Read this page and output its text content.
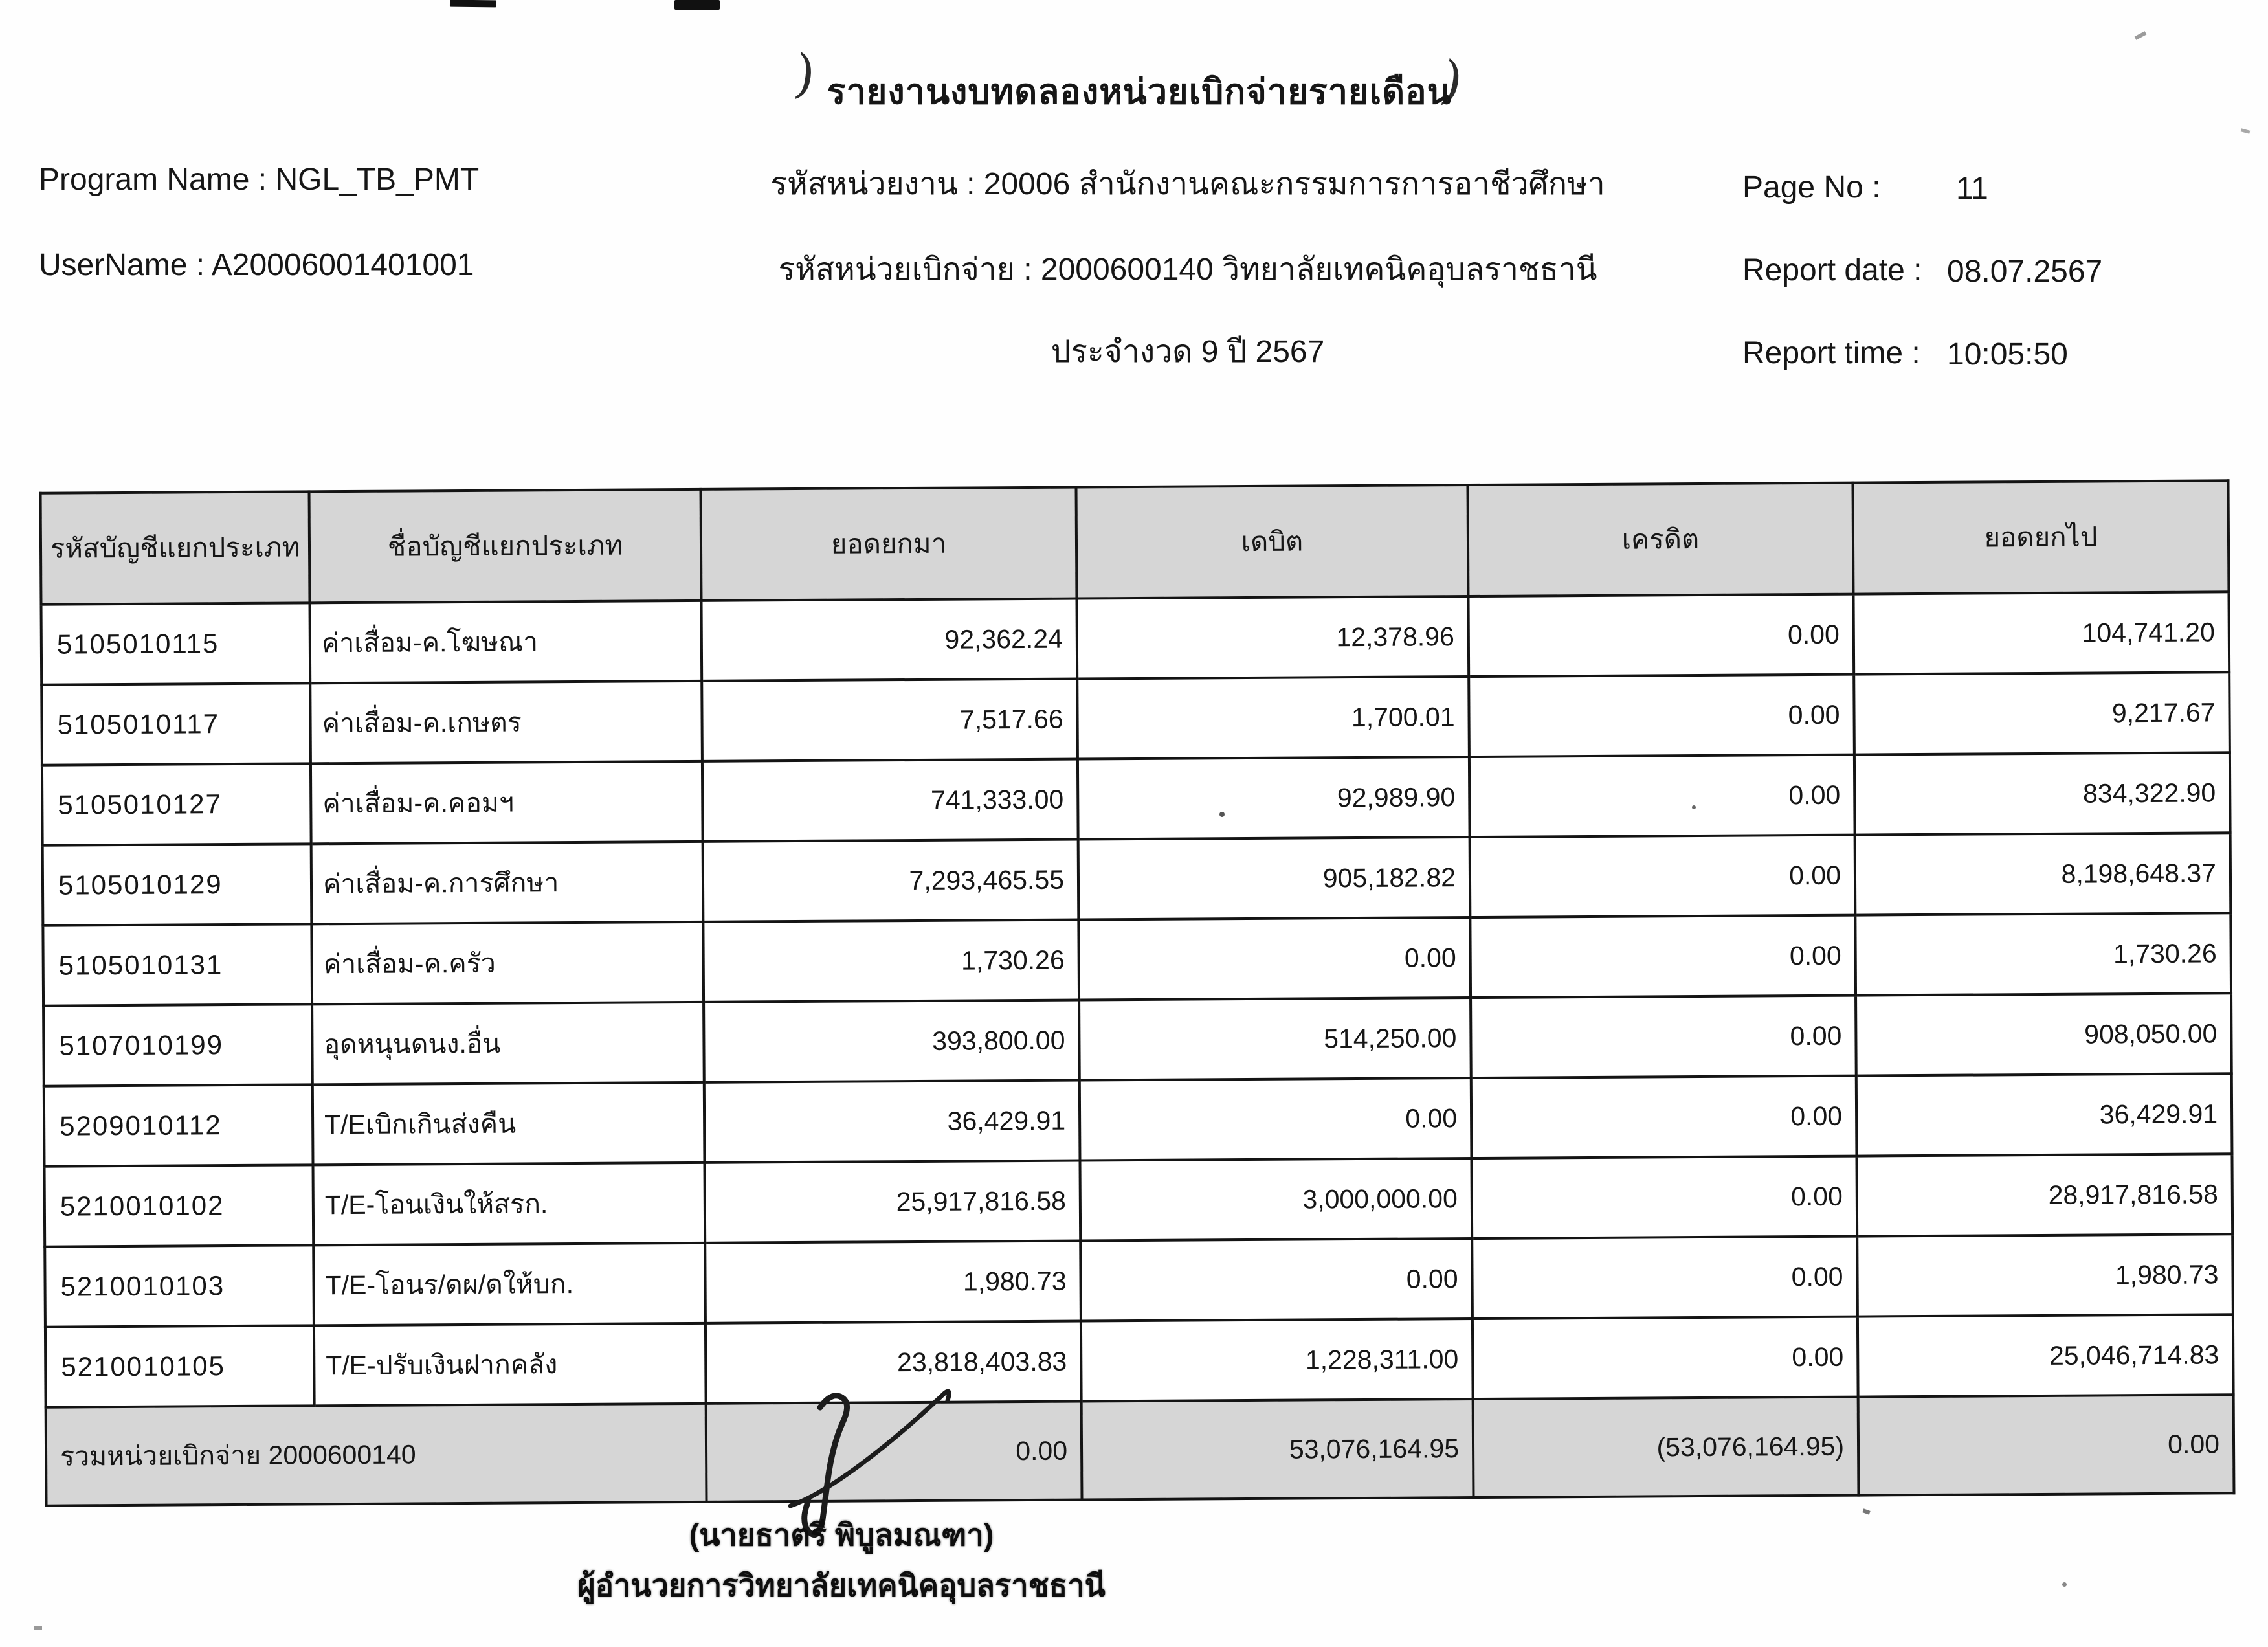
)	)
รายงานงบทดลองหน่วยเบิกจ่ายรายเดือน
Program Name : NGL_TB_PMT
UserName : A20006001401001
รหัสหน่วยงาน : 20006 สำนักงานคณะกรรมการการอาชีวศึกษา
รหัสหน่วยเบิกจ่าย : 2000600140 วิทยาลัยเทคนิคอุบลราชธานี
ประจำงวด 9 ปี 2567
Page No : 11
Report date : 08.07.2567
Report time : 10:05:50
รหัสบัญชีแยกประเภท	ชื่อบัญชีแยกประเภท	ยอดยกมา	เดบิต	เครดิต	ยอดยกไป
5105010115	ค่าเสื่อม-ค.โฆษณา	92,362.24	12,378.96	0.00	104,741.20
5105010117	ค่าเสื่อม-ค.เกษตร	7,517.66	1,700.01	0.00	9,217.67
5105010127	ค่าเสื่อม-ค.คอมฯ	741,333.00	92,989.90	0.00	834,322.90
5105010129	ค่าเสื่อม-ค.การศึกษา	7,293,465.55	905,182.82	0.00	8,198,648.37
5105010131	ค่าเสื่อม-ค.ครัว	1,730.26	0.00	0.00	1,730.26
5107010199	อุดหนุนดนง.อื่น	393,800.00	514,250.00	0.00	908,050.00
5209010112	T/Eเบิกเกินส่งคืน	36,429.91	0.00	0.00	36,429.91
5210010102	T/E-โอนเงินให้สรก.	25,917,816.58	3,000,000.00	0.00	28,917,816.58
5210010103	T/E-โอนร/ดผ/ดให้บก.	1,980.73	0.00	0.00	1,980.73
5210010105	T/E-ปรับเงินฝากคลัง	23,818,403.83	1,228,311.00	0.00	25,046,714.83
รวมหน่วยเบิกจ่าย 2000600140		0.00	53,076,164.95	(53,076,164.95)	0.00
(นายธาตรี พิบูลมณฑา)
ผู้อำนวยการวิทยาลัยเทคนิคอุบลราชธานี
